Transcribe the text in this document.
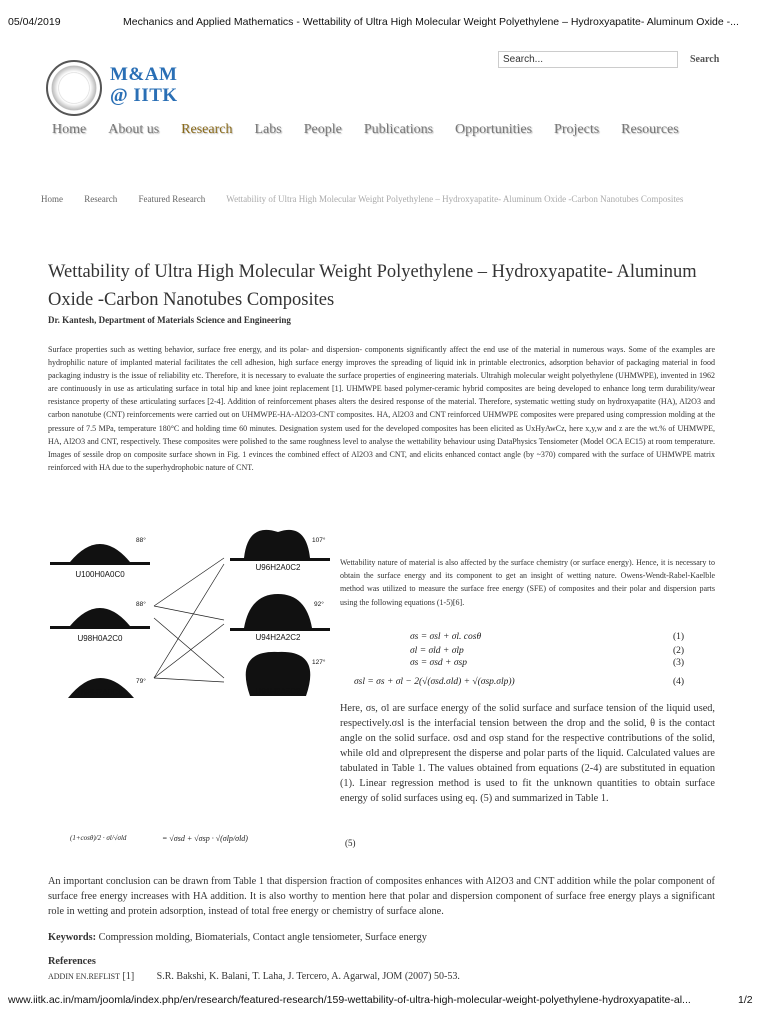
05/04/2019	Mechanics and Applied Mathematics - Wettability of Ultra High Molecular Weight Polyethylene – Hydroxyapatite- Aluminum Oxide -...
M&AM
@ IITK
Search...	Search
Home About us Research Labs People Publications Opportunities Projects Resources
Home Research Featured Research Wettability of Ultra High Molecular Weight Polyethylene – Hydroxyapatite- Aluminum Oxide -Carbon Nanotubes Composites
Wettability of Ultra High Molecular Weight Polyethylene – Hydroxyapatite- Aluminum Oxide -Carbon Nanotubes Composites
Dr. Kantesh, Department of Materials Science and Engineering
Surface properties such as wetting behavior, surface free energy, and its polar- and dispersion- components significantly affect the end use of the material in numerous ways. Some of the examples are hydrophilic nature of implanted material facilitates the cell adhesion, high surface energy improves the spreading of liquid ink in printable electronics, adsorption behavior of packaging material in food packaging industry is the issue of reliability etc. Therefore, it is necessary to evaluate the surface properties of engineering materials. Ultrahigh molecular weight polyethylene (UHMWPE), invented in 1962 are continuously in use as articulating surface in total hip and knee joint replacement [1]. UHMWPE based polymer-ceramic hybrid composites are being developed to enhance long term durability/wear resistance property of these articulating surfaces [2-4]. Addition of reinforcement phases alters the desired response of the material. Therefore, systematic wetting study on hydroxyapatite (HA), Al2O3 and carbon nanotube (CNT) reinforcements were carried out on UHMWPE-HA-Al2O3-CNT composites. HA, Al2O3 and CNT reinforced UHMWPE composites were prepared using compression molding at the pressure of 7.5 MPa, temperature 180°C and holding time 60 minutes. Designation system used for the developed composites has been elicited as UxHyAwCz, here x,y,w and z are the wt.% of UHMWPE, HA, Al2O3 and CNT, respectively. These composites were polished to the same roughness level to analyse the wettability behaviour using DataPhysics Tensiometer (Model OCA EC15) at room temperature. Images of sessile drop on composite surface shown in Fig. 1 evinces the combined effect of Al2O3 and CNT, and elicits enhanced contact angle (by ~370) compared with the surface of UHMWPE matrix reinforced with HA due to the superhydrophobic nature of CNT.
88°
U100H0A0C0
88°
U98H0A2C0
79°
U98H2A0C0
107°
U96H2A0C2
92°
U94H2A2C2
127°
U91H2A5C2
Wettability nature of material is also affected by the surface chemistry (or surface energy). Hence, it is necessary to obtain the surface energy and its component to get an insight of wetting nature. Owens-Wendt-Rabel-Kaelble method was utilized to measure the surface free energy (SFE) of composites and their polar and dispersion parts using the following equations (1-5)[6].
σs = σsl + σl. cosθ	(1)
σl = σld + σlp	(2)
σs = σsd + σsp	(3)
σsl = σs + σl − 2(√(σsd.σld) + √(σsp.σlp))	(4)
Here, σs, σl are surface energy of the solid surface and surface tension of the liquid used, respectively.σsl is the interfacial tension between the drop and the solid, θ is the contact angle on the solid surface. σsd and σsp stand for the respective contributions of the solid, while σld and σlprepresent the disperse and polar parts of the liquid. Calculated values are tabulated in Table 1. The values obtained from equations (2-4) are substituted in equation (1). Linear regression method is used to fit the unknown quantities to obtain surface energy of solid surfaces using eq. (5) and summarized in Table 1.
(1+cosθ)/2 · σl/√σld	= √σsd + √σsp · √(σlp/σld)	(5)
An important conclusion can be drawn from Table 1 that dispersion fraction of composites enhances with Al2O3 and CNT addition while the polar component of surface free energy increases with HA addition. It is also worthy to mention here that polar and dispersion component of surface free energy plays a significant role in wetting and protein adsorption, instead of total free energy or chemistry of surface alone.
Keywords: Compression molding, Biomaterials, Contact angle tensiometer, Surface energy
References
ADDIN EN.REFLIST [1] S.R. Bakshi, K. Balani, T. Laha, J. Tercero, A. Agarwal, JOM (2007) 50-53.
www.iitk.ac.in/mam/joomla/index.php/en/research/featured-research/159-wettability-of-ultra-high-molecular-weight-polyethylene-hydroxyapatite-al...	1/2
